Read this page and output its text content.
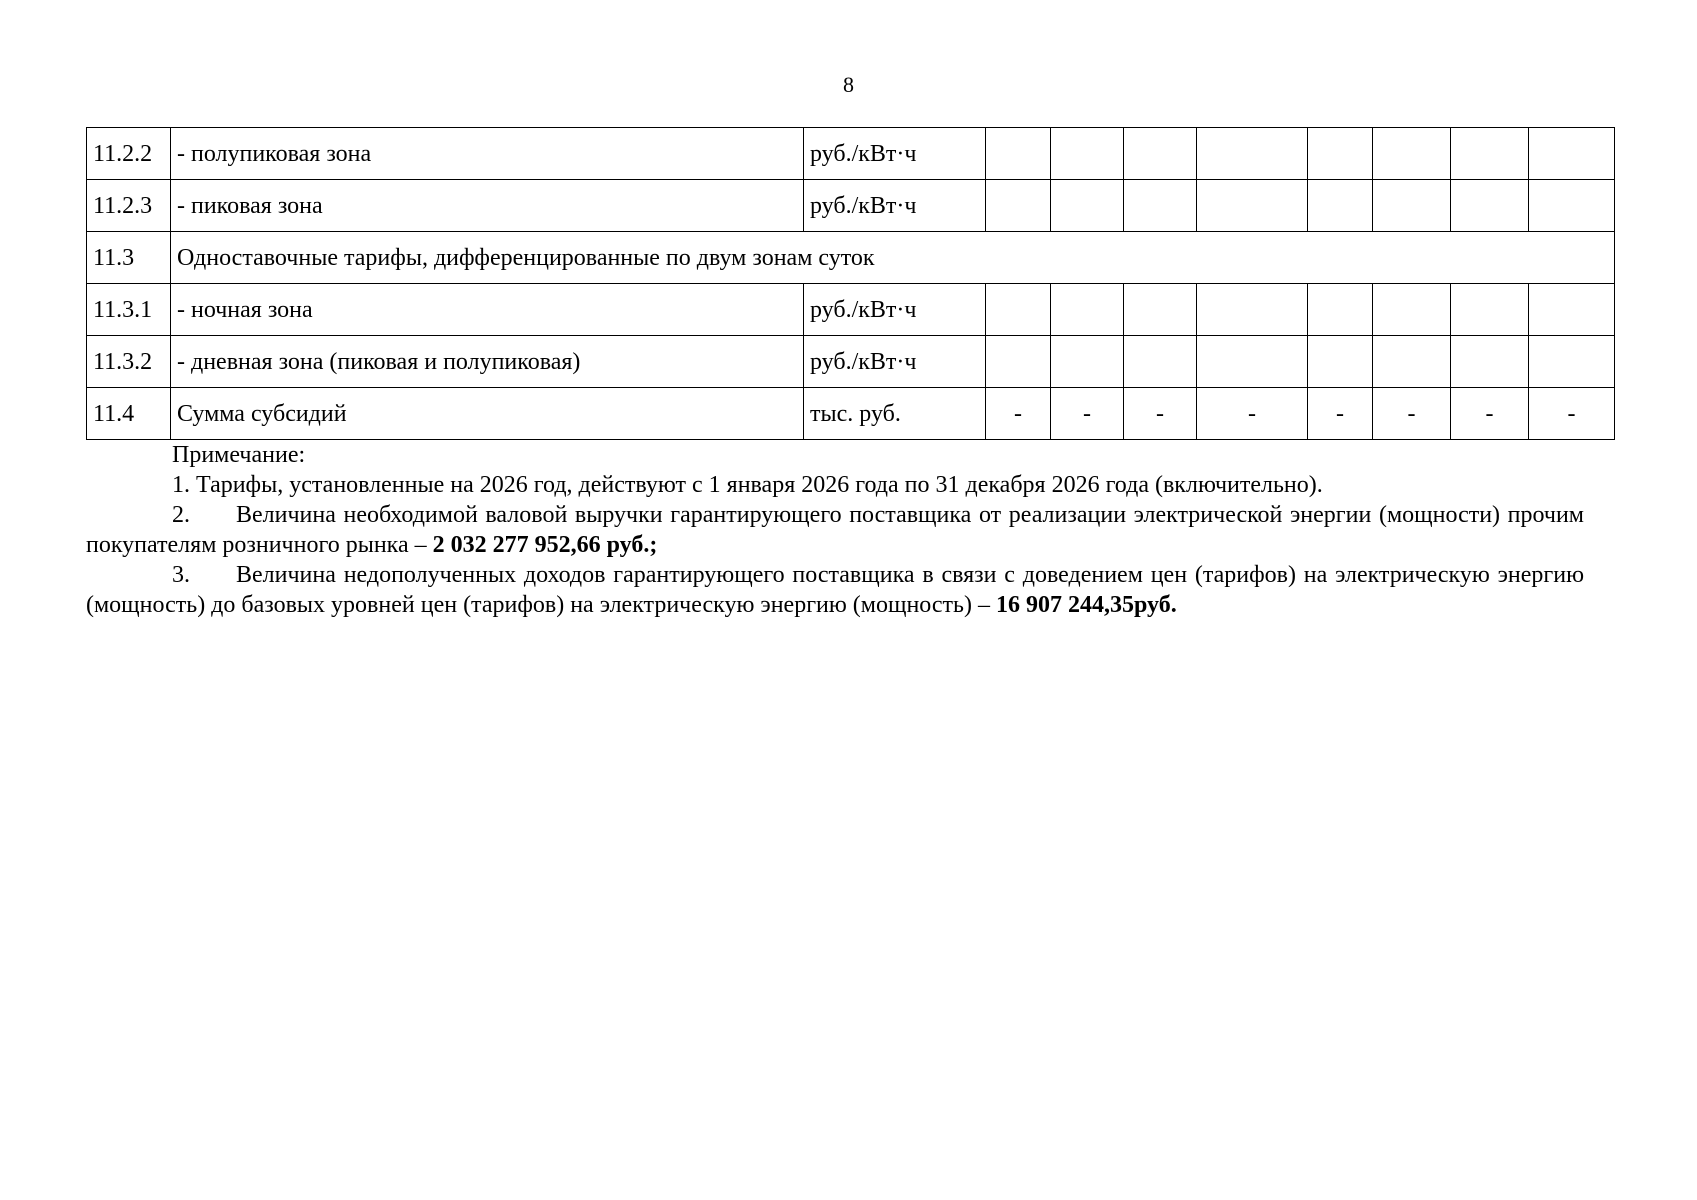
8
11.2.2	- полупиковая зона	руб./кВт·ч								
11.2.3	- пиковая зона	руб./кВт·ч								
11.3	Одноставочные тарифы, дифференцированные по двум зонам суток									
11.3.1	- ночная зона	руб./кВт·ч								
11.3.2	- дневная зона (пиковая и полупиковая)	руб./кВт·ч								
11.4	Сумма субсидий	тыс. руб.	-	-	-	-	-	-	-	-

Примечание:

1. Тарифы, установленные на 2026 год, действуют с 1 января 2026 года по 31 декабря 2026 года (включительно).

2. Величина необходимой валовой выручки гарантирующего поставщика от реализации электрической энергии (мощности) прочим покупателям розничного рынка – 2 032 277 952,66 руб.;

3. Величина недополученных доходов гарантирующего поставщика в связи с доведением цен (тарифов) на электрическую энергию (мощность) до базовых уровней цен (тарифов) на электрическую энергию (мощность) – 16 907 244,35руб.
